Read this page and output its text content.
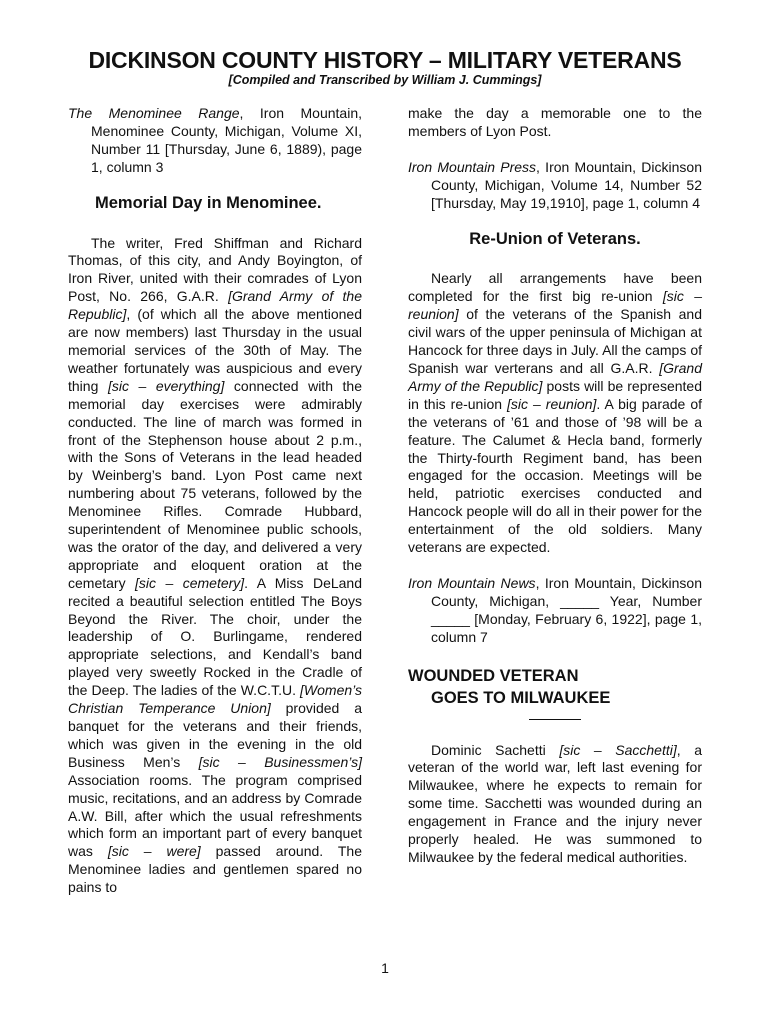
DICKINSON COUNTY HISTORY – MILITARY VETERANS
[Compiled and Transcribed by William J. Cummings]

The Menominee Range, Iron Mountain, Menominee County, Michigan, Volume XI, Number 11 [Thursday, June 6, 1889), page 1, column 3

Memorial Day in Menominee.

The writer, Fred Shiffman and Richard Thomas, of this city, and Andy Boyington, of Iron River, united with their comrades of Lyon Post, No. 266, G.A.R. [Grand Army of the Republic], (of which all the above mentioned are now members) last Thursday in the usual memorial services of the 30th of May. The weather fortunately was auspicious and every thing [sic – everything] connected with the memorial day exercises were admirably conducted. The line of march was formed in front of the Stephenson house about 2 p.m., with the Sons of Veterans in the lead headed by Weinberg’s band. Lyon Post came next numbering about 75 veterans, followed by the Menominee Rifles. Comrade Hubbard, superintendent of Menominee public schools, was the orator of the day, and delivered a very appropriate and eloquent oration at the cemetary [sic – cemetery]. A Miss DeLand recited a beautiful selection entitled The Boys Beyond the River. The choir, under the leadership of O. Burlingame, rendered appropriate selections, and Kendall’s band played very sweetly Rocked in the Cradle of the Deep. The ladies of the W.C.T.U. [Women’s Christian Temperance Union] provided a banquet for the veterans and their friends, which was given in the evening in the old Business Men’s [sic – Businessmen’s] Association rooms. The program comprised music, recitations, and an address by Comrade A.W. Bill, after which the usual refreshments which form an important part of every banquet was [sic – were] passed around. The Menominee ladies and gentlemen spared no pains to

make the day a memorable one to the members of Lyon Post.

Iron Mountain Press, Iron Mountain, Dickinson County, Michigan, Volume 14, Number 52 [Thursday, May 19,1910], page 1, column 4

Re-Union of Veterans.

Nearly all arrangements have been completed for the first big re-union [sic – reunion] of the veterans of the Spanish and civil wars of the upper peninsula of Michigan at Hancock for three days in July. All the camps of Spanish war verterans and all G.A.R. [Grand Army of the Republic] posts will be represented in this re-union [sic – reunion]. A big parade of the veterans of ’61 and those of ’98 will be a feature. The Calumet & Hecla band, formerly the Thirty-fourth Regiment band, has been engaged for the occasion. Meetings will be held, patriotic exercises conducted and Hancock people will do all in their power for the entertainment of the old soldiers. Many veterans are expected.

Iron Mountain News, Iron Mountain, Dickinson County, Michigan, _____ Year, Number _____ [Monday, February 6, 1922], page 1, column 7

WOUNDED VETERAN
GOES TO MILWAUKEE

Dominic Sachetti [sic – Sacchetti], a veteran of the world war, left last evening for Milwaukee, where he expects to remain for some time. Sacchetti was wounded during an engagement in France and the injury never properly healed. He was summoned to Milwaukee by the federal medical authorities.

1
